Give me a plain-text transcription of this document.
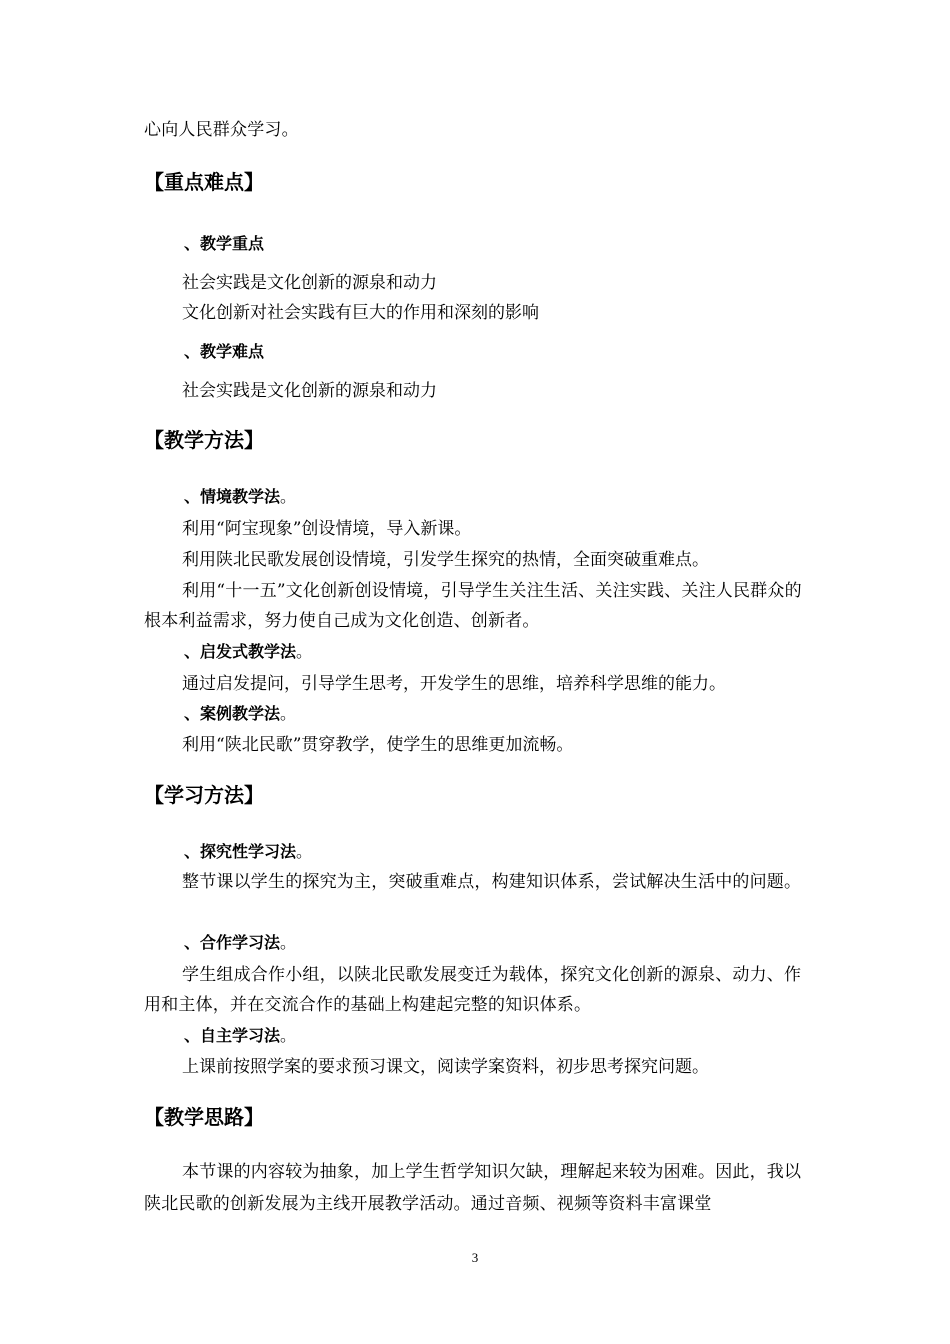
心向人民群众学习。
【重点难点】
、教学重点
社会实践是文化创新的源泉和动力
文化创新对社会实践有巨大的作用和深刻的影响
、教学难点
社会实践是文化创新的源泉和动力
【教学方法】
、情境教学法。
利用“阿宝现象”创设情境，导入新课。
利用陕北民歌发展创设情境，引发学生探究的热情，全面突破重难点。
利用“十一五”文化创新创设情境，引导学生关注生活、关注实践、关注人民群众的根本利益需求，努力使自己成为文化创造、创新者。
、启发式教学法。
通过启发提问，引导学生思考，开发学生的思维，培养科学思维的能力。
、案例教学法。
利用“陕北民歌”贯穿教学，使学生的思维更加流畅。
【学习方法】
、探究性学习法。
整节课以学生的探究为主，突破重难点，构建知识体系，尝试解决生活中的问题。
、合作学习法。
学生组成合作小组，以陕北民歌发展变迁为载体，探究文化创新的源泉、动力、作用和主体，并在交流合作的基础上构建起完整的知识体系。
、自主学习法。
上课前按照学案的要求预习课文，阅读学案资料，初步思考探究问题。
【教学思路】
本节课的内容较为抽象，加上学生哲学知识欠缺，理解起来较为困难。因此，我以陕北民歌的创新发展为主线开展教学活动。通过音频、视频等资料丰富课堂
3
